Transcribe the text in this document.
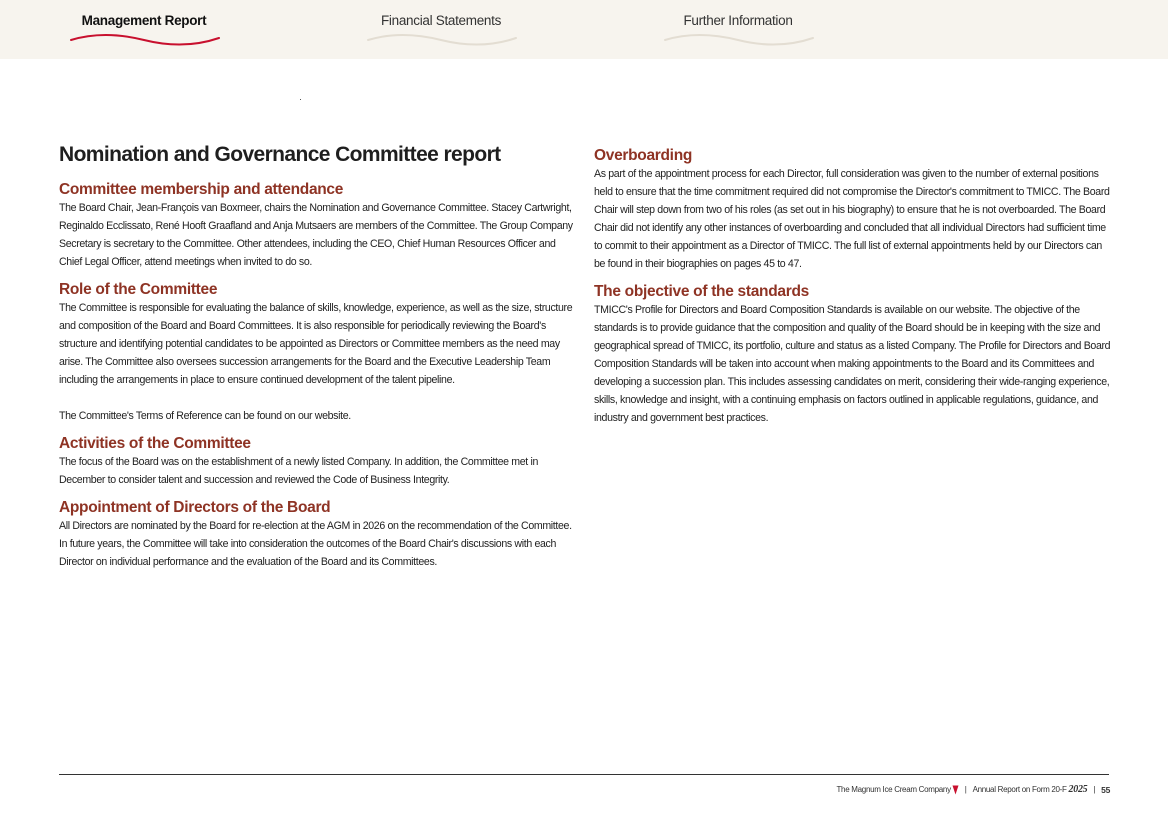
Management Report	Financial Statements	Further Information
Nomination and Governance Committee report
Committee membership and attendance

The Board Chair, Jean-François van Boxmeer, chairs the Nomination and Governance Committee. Stacey Cartwright, Reginaldo Ecclissato, René Hooft Graafland and Anja Mutsaers are members of the Committee. The Group Company Secretary is secretary to the Committee. Other attendees, including the CEO, Chief Human Resources Officer and Chief Legal Officer, attend meetings when invited to do so.

Role of the Committee

The Committee is responsible for evaluating the balance of skills, knowledge, experience, as well as the size, structure and composition of the Board and Board Committees. It is also responsible for periodically reviewing the Board's structure and identifying potential candidates to be appointed as Directors or Committee members as the need may arise. The Committee also oversees succession arrangements for the Board and the Executive Leadership Team including the arrangements in place to ensure continued development of the talent pipeline.

The Committee's Terms of Reference can be found on our website.

Activities of the Committee

The focus of the Board was on the establishment of a newly listed Company. In addition, the Committee met in December to consider talent and succession and reviewed the Code of Business Integrity.

Appointment of Directors of the Board

All Directors are nominated by the Board for re-election at the AGM in 2026 on the recommendation of the Committee. In future years, the Committee will take into consideration the outcomes of the Board Chair's discussions with each Director on individual performance and the evaluation of the Board and its Committees.

Overboarding

As part of the appointment process for each Director, full consideration was given to the number of external positions held to ensure that the time commitment required did not compromise the Director's commitment to TMICC. The Board Chair will step down from two of his roles (as set out in his biography) to ensure that he is not overboarded. The Board Chair did not identify any other instances of overboarding and concluded that all individual Directors had sufficient time to commit to their appointment as a Director of TMICC. The full list of external appointments held by our Directors can be found in their biographies on pages 45 to 47.

The objective of the standards

TMICC's Profile for Directors and Board Composition Standards is available on our website. The objective of the standards is to provide guidance that the composition and quality of the Board should be in keeping with the size and geographical spread of TMICC, its portfolio, culture and status as a listed Company. The Profile for Directors and Board Composition Standards will be taken into account when making appointments to the Board and its Committees and developing a succession plan. This includes assessing candidates on merit, considering their wide-ranging experience, skills, knowledge and insight, with a continuing emphasis on factors outlined in applicable regulations, guidance, and industry and government best practices.

The Magnum Ice Cream Company | Annual Report on Form 20-F 2025 | 55
